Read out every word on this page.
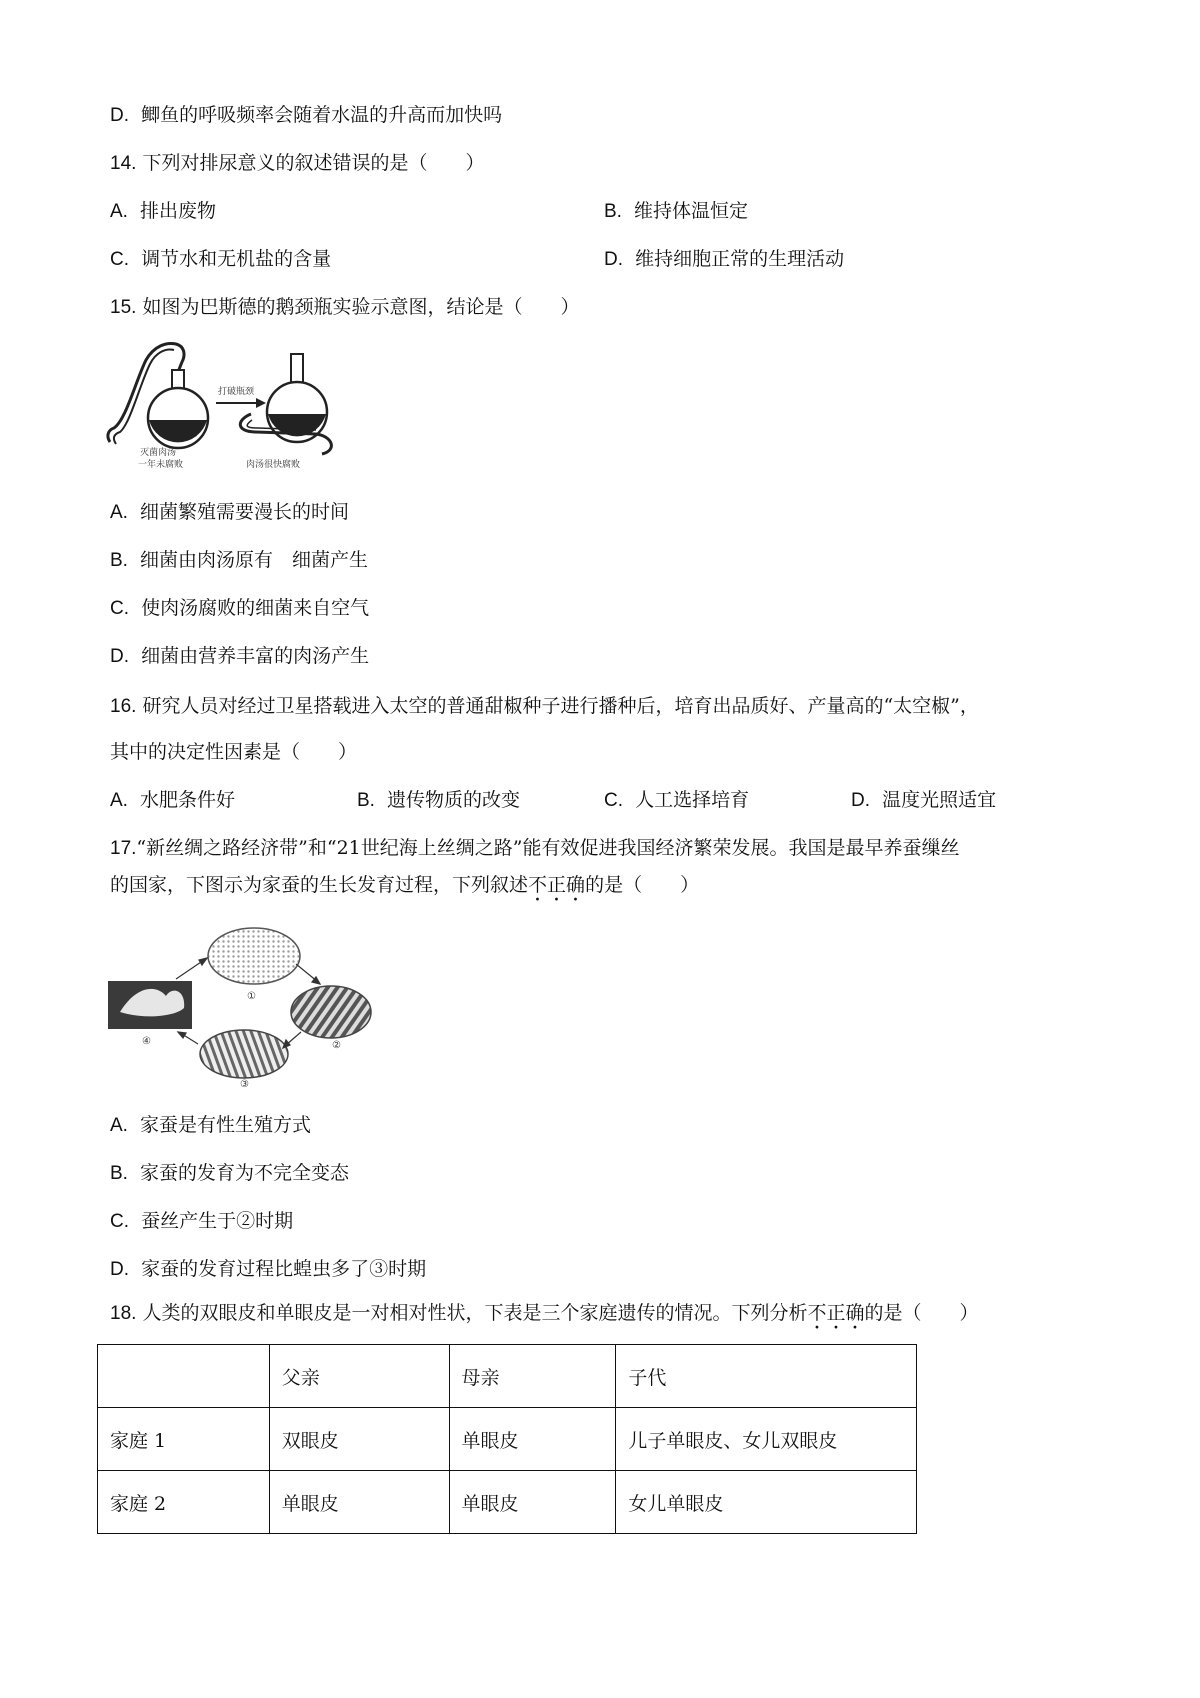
D. 鲫鱼的呼吸频率会随着水温的升高而加快吗
14. 下列对排尿意义的叙述错误的是（　　）
A. 排出废物	B. 维持体温恒定
C. 调节水和无机盐的含量	D. 维持细胞正常的生理活动
15. 如图为巴斯德的鹅颈瓶实验示意图，结论是（　　）
打破瓶颈
灭菌肉汤
一年未腐败	肉汤很快腐败
A. 细菌繁殖需要漫长的时间
B. 细菌由肉汤原有　细菌产生
C. 使肉汤腐败的细菌来自空气
D. 细菌由营养丰富的肉汤产生
16. 研究人员对经过卫星搭载进入太空的普通甜椒种子进行播种后，培育出品质好、产量高的“太空椒”，
其中的决定性因素是（　　）
A. 水肥条件好	B. 遗传物质的改变	C. 人工选择培育	D. 温度光照适宜
17.“新丝绸之路经济带”和“21世纪海上丝绸之路”能有效促进我国经济繁荣发展。我国是最早养蚕缫丝
的国家，下图示为家蚕的生长发育过程，下列叙述不正确的是（　　）
①
②
③
④
A. 家蚕是有性生殖方式
B. 家蚕的发育为不完全变态
C. 蚕丝产生于②时期
D. 家蚕的发育过程比蝗虫多了③时期
18. 人类的双眼皮和单眼皮是一对相对性状，下表是三个家庭遗传的情况。下列分析不正确的是（　　）
	父亲	母亲	子代
家庭 1	双眼皮	单眼皮	儿子单眼皮、女儿双眼皮
家庭 2	单眼皮	单眼皮	女儿单眼皮
